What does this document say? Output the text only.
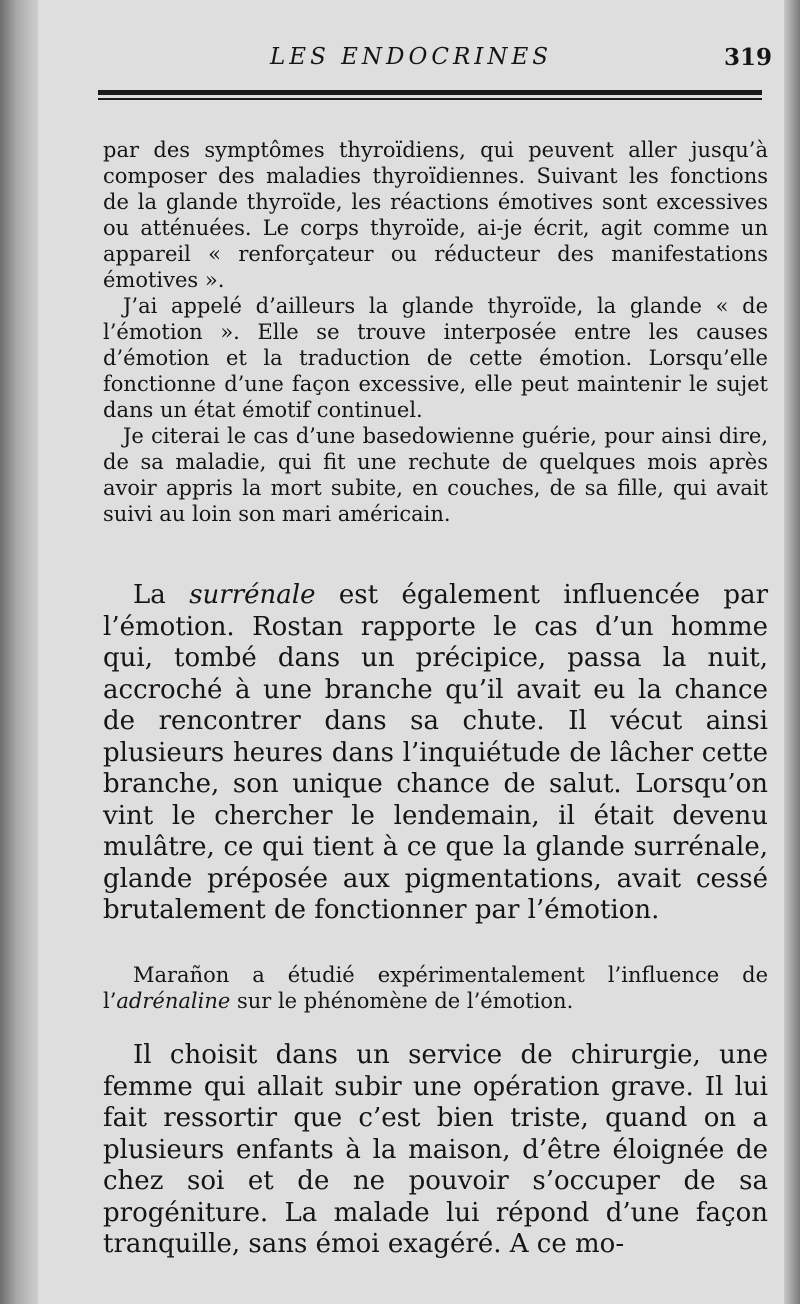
LES ENDOCRINES	319

par des symptômes thyroïdiens, qui peuvent aller jusqu’à composer des maladies thyroïdiennes. Suivant les fonctions de la glande thyroïde, les réactions émotives sont excessives ou atténuées. Le corps thyroïde, ai-je écrit, agit comme un appareil « renforçateur ou réducteur des manifestations émotives ».

J’ai appelé d’ailleurs la glande thyroïde, la glande « de l’émotion ». Elle se trouve interposée entre les causes d’émotion et la traduction de cette émotion. Lorsqu’elle fonctionne d’une façon excessive, elle peut maintenir le sujet dans un état émotif continuel.

Je citerai le cas d’une basedowienne guérie, pour ainsi dire, de sa maladie, qui fit une rechute de quelques mois après avoir appris la mort subite, en couches, de sa fille, qui avait suivi au loin son mari américain.

La surrénale est également influencée par l’émotion. Rostan rapporte le cas d’un homme qui, tombé dans un précipice, passa la nuit, accroché à une branche qu’il avait eu la chance de rencontrer dans sa chute. Il vécut ainsi plusieurs heures dans l’inquiétude de lâcher cette branche, son unique chance de salut. Lorsqu’on vint le chercher le lendemain, il était devenu mulâtre, ce qui tient à ce que la glande surrénale, glande préposée aux pigmentations, avait cessé brutalement de fonctionner par l’émotion.

Marañon a étudié expérimentalement l’influence de l’adrénaline sur le phénomène de l’émotion.

Il choisit dans un service de chirurgie, une femme qui allait subir une opération grave. Il lui fait ressortir que c’est bien triste, quand on a plusieurs enfants à la maison, d’être éloignée de chez soi et de ne pouvoir s’occuper de sa progéniture. La malade lui répond d’une façon tranquille, sans émoi exagéré. A ce mo-
